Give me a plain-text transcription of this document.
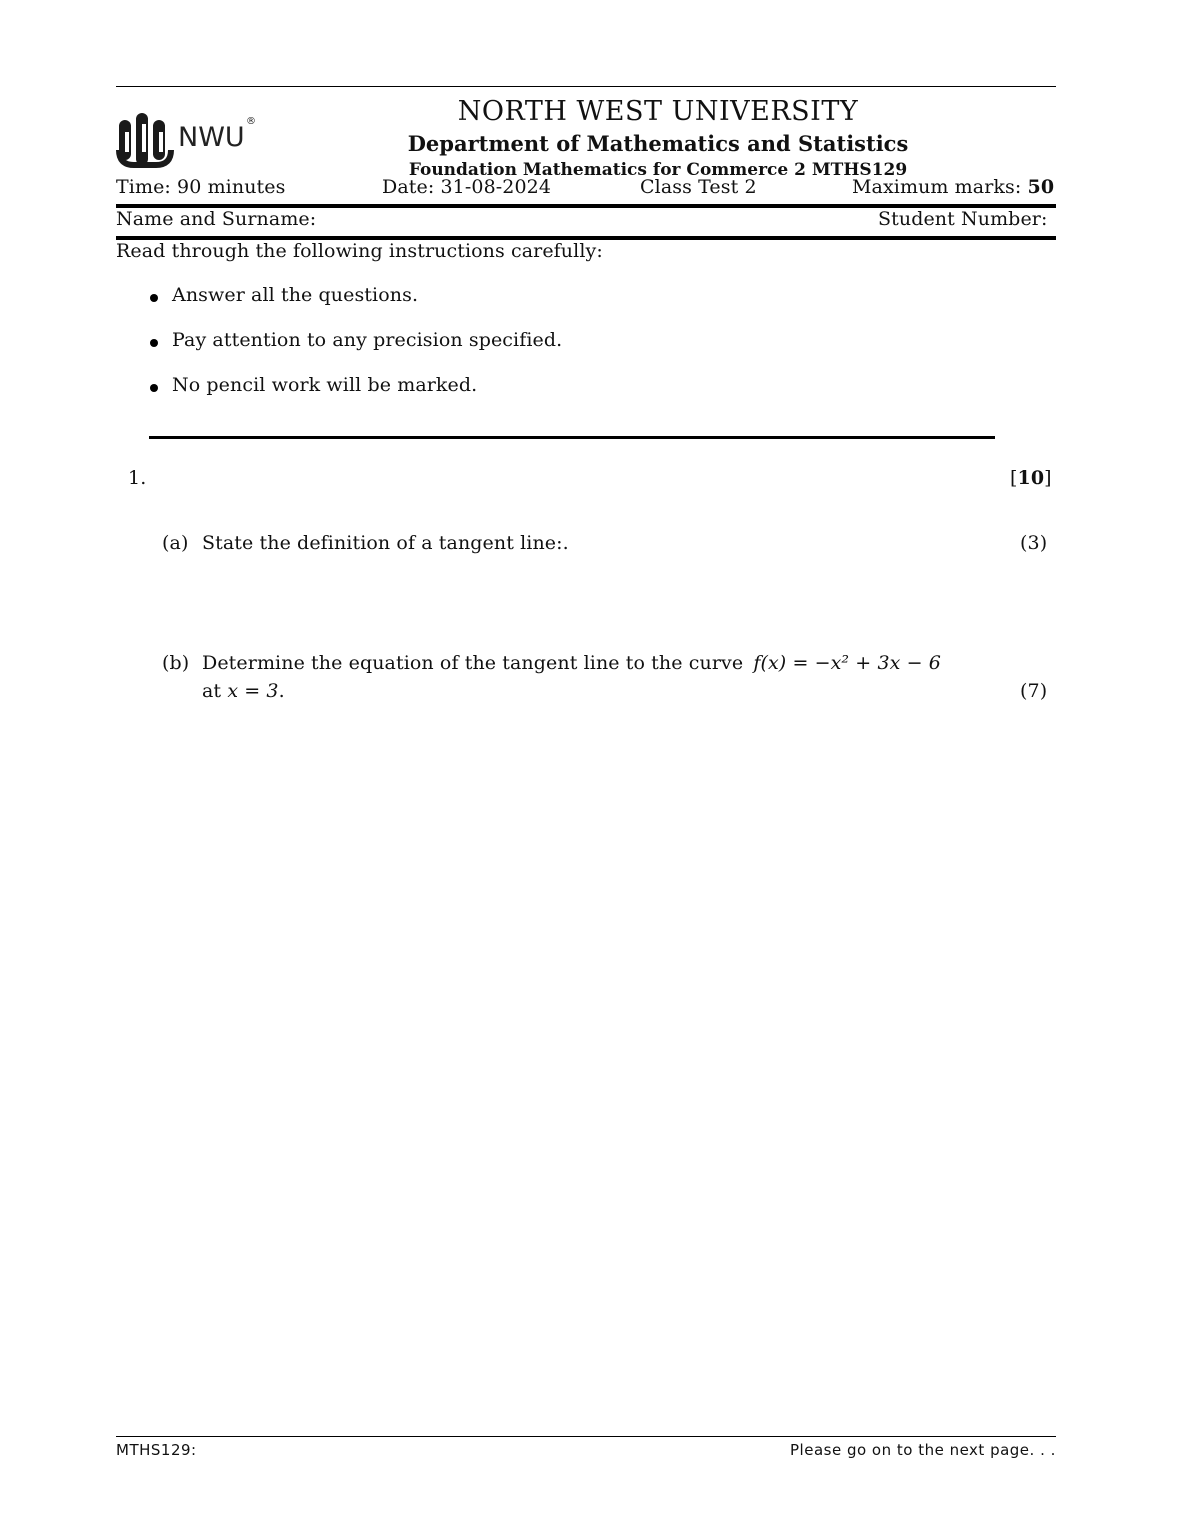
NWU
®	NORTH WEST UNIVERSITY
Department of Mathematics and Statistics
Foundation Mathematics for Commerce 2 MTHS129
Time: 90 minutes	Date: 31-08-2024	Class Test 2	Maximum marks: 50
Name and Surname:	Student Number:
Read through the following instructions carefully:
Answer all the questions.
Pay attention to any precision specified.
No pencil work will be marked.
1.	[10]
(a) State the definition of a tangent line:.	(3)
(b) Determine the equation of the tangent line to the curve f(x) = −x² + 3x − 6
at x = 3.	(7)
MTHS129:	Please go on to the next page. . .
